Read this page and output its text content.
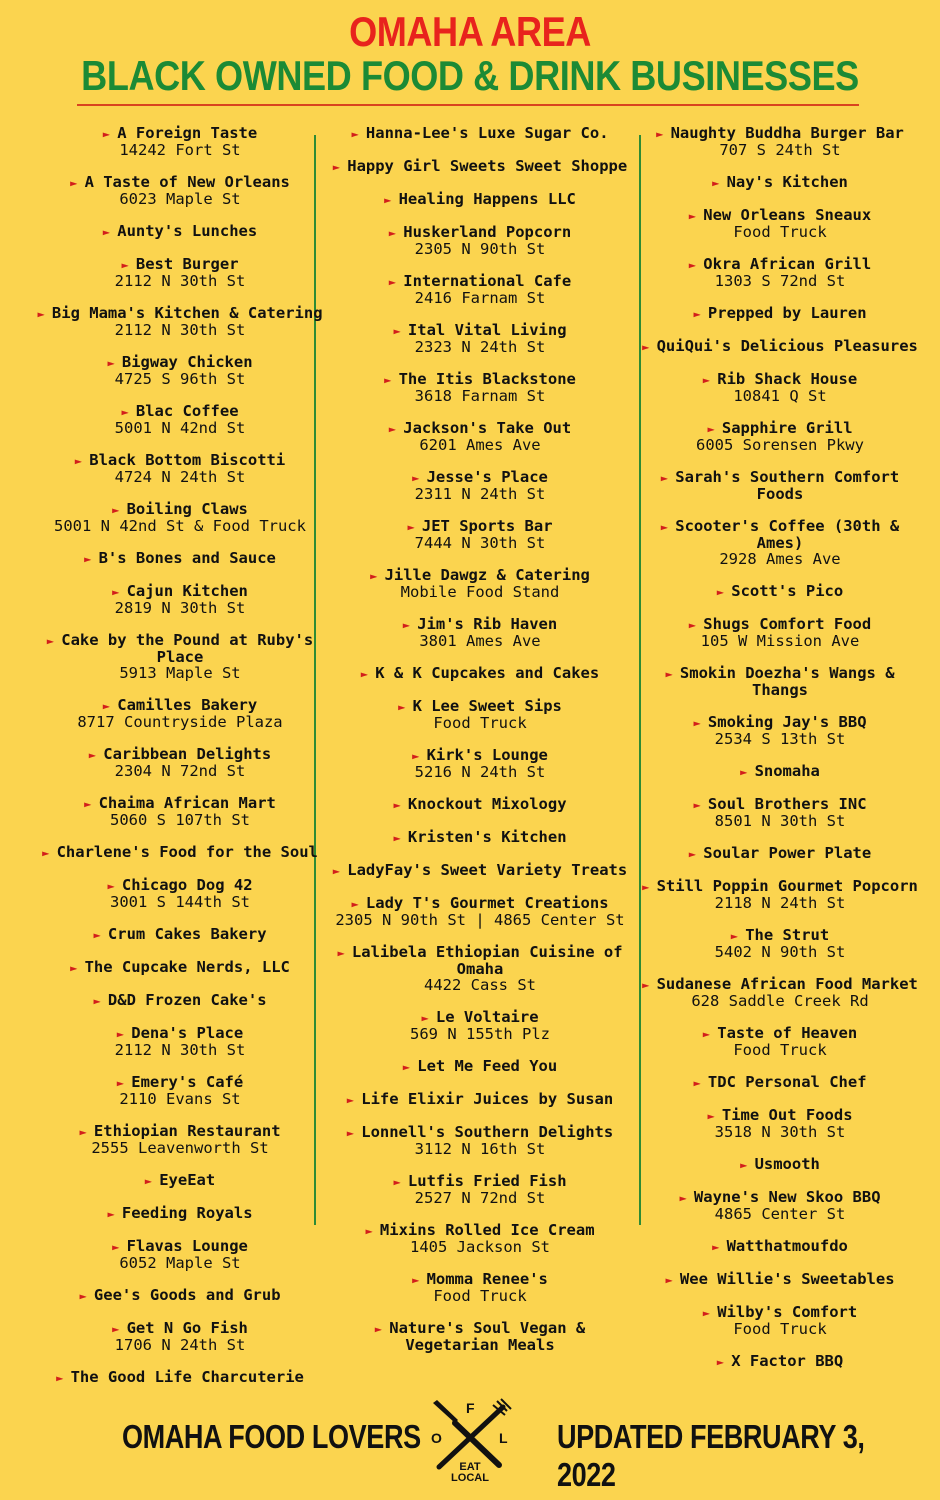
OMAHA AREA
BLACK OWNED FOOD & DRINK BUSINESSES
► A Foreign Taste
14242 Fort St
► A Taste of New Orleans
6023 Maple St
► Aunty's Lunches
► Best Burger
2112 N 30th St
► Big Mama's Kitchen & Catering
2112 N 30th St
► Bigway Chicken
4725 S 96th St
► Blac Coffee
5001 N 42nd St
► Black Bottom Biscotti
4724 N 24th St
► Boiling Claws
5001 N 42nd St & Food Truck
► B's Bones and Sauce
► Cajun Kitchen
2819 N 30th St
► Cake by the Pound at Ruby's Place
5913 Maple St
► Camilles Bakery
8717 Countryside Plaza
► Caribbean Delights
2304 N 72nd St
► Chaima African Mart
5060 S 107th St
► Charlene's Food for the Soul
► Chicago Dog 42
3001 S 144th St
► Crum Cakes Bakery
► The Cupcake Nerds, LLC
► D&D Frozen Cake's
► Dena's Place
2112 N 30th St
► Emery's Café
2110 Evans St
► Ethiopian Restaurant
2555 Leavenworth St
► EyeEat
► Feeding Royals
► Flavas Lounge
6052 Maple St
► Gee's Goods and Grub
► Get N Go Fish
1706 N 24th St
► The Good Life Charcuterie
► Hanna-Lee's Luxe Sugar Co.
► Happy Girl Sweets Sweet Shoppe
► Healing Happens LLC
► Huskerland Popcorn
2305 N 90th St
► International Cafe
2416 Farnam St
► Ital Vital Living
2323 N 24th St
► The Itis Blackstone
3618 Farnam St
► Jackson's Take Out
6201 Ames Ave
► Jesse's Place
2311 N 24th St
► JET Sports Bar
7444 N 30th St
► Jille Dawgz & Catering
Mobile Food Stand
► Jim's Rib Haven
3801 Ames Ave
► K & K Cupcakes and Cakes
► K Lee Sweet Sips
Food Truck
► Kirk's Lounge
5216 N 24th St
► Knockout Mixology
► Kristen's Kitchen
► LadyFay's Sweet Variety Treats
► Lady T's Gourmet Creations
2305 N 90th St | 4865 Center St
► Lalibela Ethiopian Cuisine of Omaha
4422 Cass St
► Le Voltaire
569 N 155th Plz
► Let Me Feed You
► Life Elixir Juices by Susan
► Lonnell's Southern Delights
3112 N 16th St
► Lutfis Fried Fish
2527 N 72nd St
► Mixins Rolled Ice Cream
1405 Jackson St
► Momma Renee's
Food Truck
► Nature's Soul Vegan & Vegetarian Meals
► Naughty Buddha Burger Bar
707 S 24th St
► Nay's Kitchen
► New Orleans Sneaux
Food Truck
► Okra African Grill
1303 S 72nd St
► Prepped by Lauren
► QuiQui's Delicious Pleasures
► Rib Shack House
10841 Q St
► Sapphire Grill
6005 Sorensen Pkwy
► Sarah's Southern Comfort Foods
► Scooter's Coffee (30th & Ames)
2928 Ames Ave
► Scott's Pico
► Shugs Comfort Food
105 W Mission Ave
► Smokin Doezha's Wangs & Thangs
► Smoking Jay's BBQ
2534 S 13th St
► Snomaha
► Soul Brothers INC
8501 N 30th St
► Soular Power Plate
► Still Poppin Gourmet Popcorn
2118 N 24th St
► The Strut
5402 N 90th St
► Sudanese African Food Market
628 Saddle Creek Rd
► Taste of Heaven
Food Truck
► TDC Personal Chef
► Time Out Foods
3518 N 30th St
► Usmooth
► Wayne's New Skoo BBQ
4865 Center St
► Watthatmoufdo
► Wee Willie's Sweetables
► Wilby's Comfort
Food Truck
► X Factor BBQ
OMAHA FOOD LOVERS	UPDATED FEBRUARY 3, 2022
F
O	L
EAT
LOCAL
